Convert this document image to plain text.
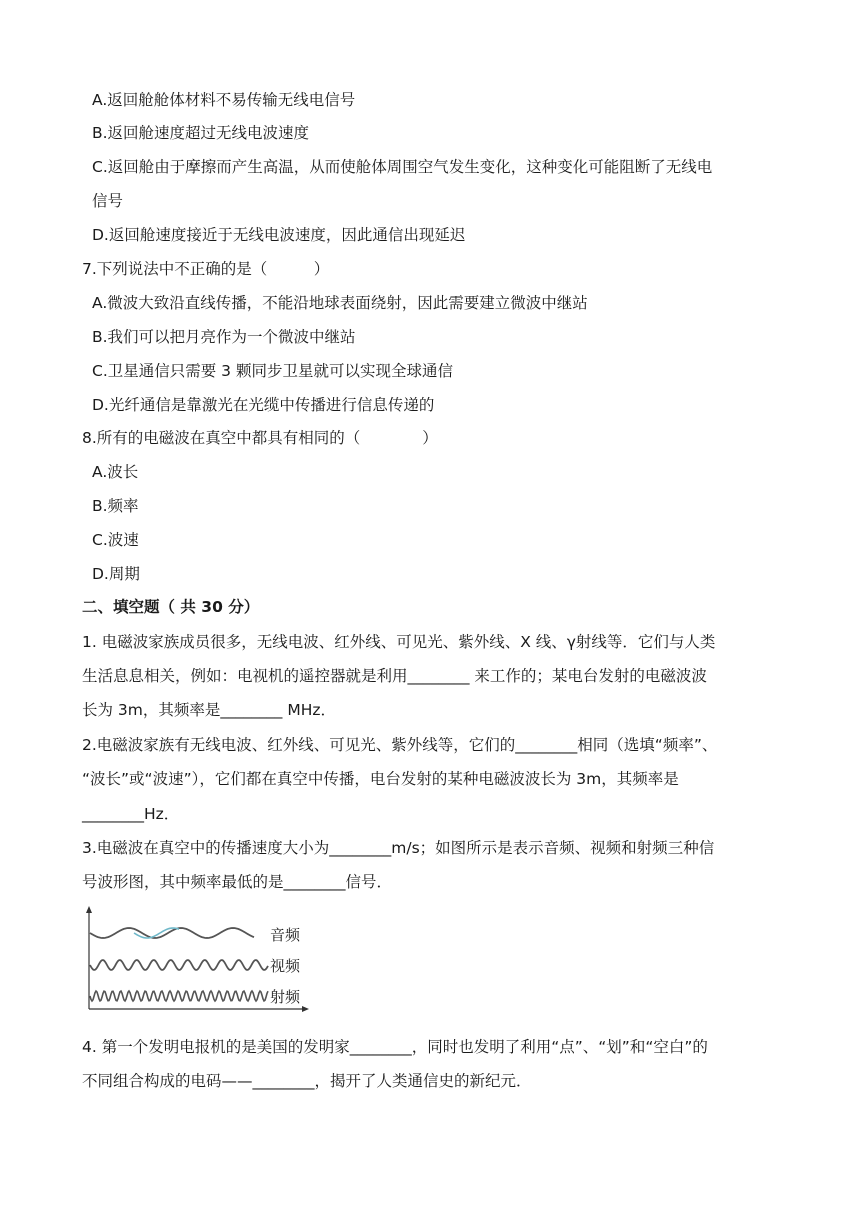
A.返回舱舱体材料不易传输无线电信号
B.返回舱速度超过无线电波速度
C.返回舱由于摩擦而产生高温，从而使舱体周围空气发生变化，这种变化可能阻断了无线电
信号
D.返回舱速度接近于无线电波速度，因此通信出现延迟
7.下列说法中不正确的是（　　　）
A.微波大致沿直线传播，不能沿地球表面绕射，因此需要建立微波中继站
B.我们可以把月亮作为一个微波中继站
C.卫星通信只需要 3 颗同步卫星就可以实现全球通信
D.光纤通信是靠激光在光缆中传播进行信息传递的
8.所有的电磁波在真空中都具有相同的（　　　　）
A.波长
B.频率
C.波速
D.周期
二、填空题（ 共 30 分）
1. 电磁波家族成员很多，无线电波、红外线、可见光、紫外线、X 线、γ射线等．它们与人类
生活息息相关，例如：电视机的遥控器就是利用________ 来工作的；某电台发射的电磁波波
长为 3m，其频率是________ MHz．
2.电磁波家族有无线电波、红外线、可见光、紫外线等，它们的________相同（选填“频率”、
“波长”或“波速”），它们都在真空中传播，电台发射的某种电磁波波长为 3m，其频率是
________Hz．
3.电磁波在真空中的传播速度大小为________m/s；如图所示是表示音频、视频和射频三种信
号波形图，其中频率最低的是________信号．
音频
视频
射频
4. 第一个发明电报机的是美国的发明家________，同时也发明了利用“点”、“划”和“空白”的
不同组合构成的电码——________，揭开了人类通信史的新纪元．
